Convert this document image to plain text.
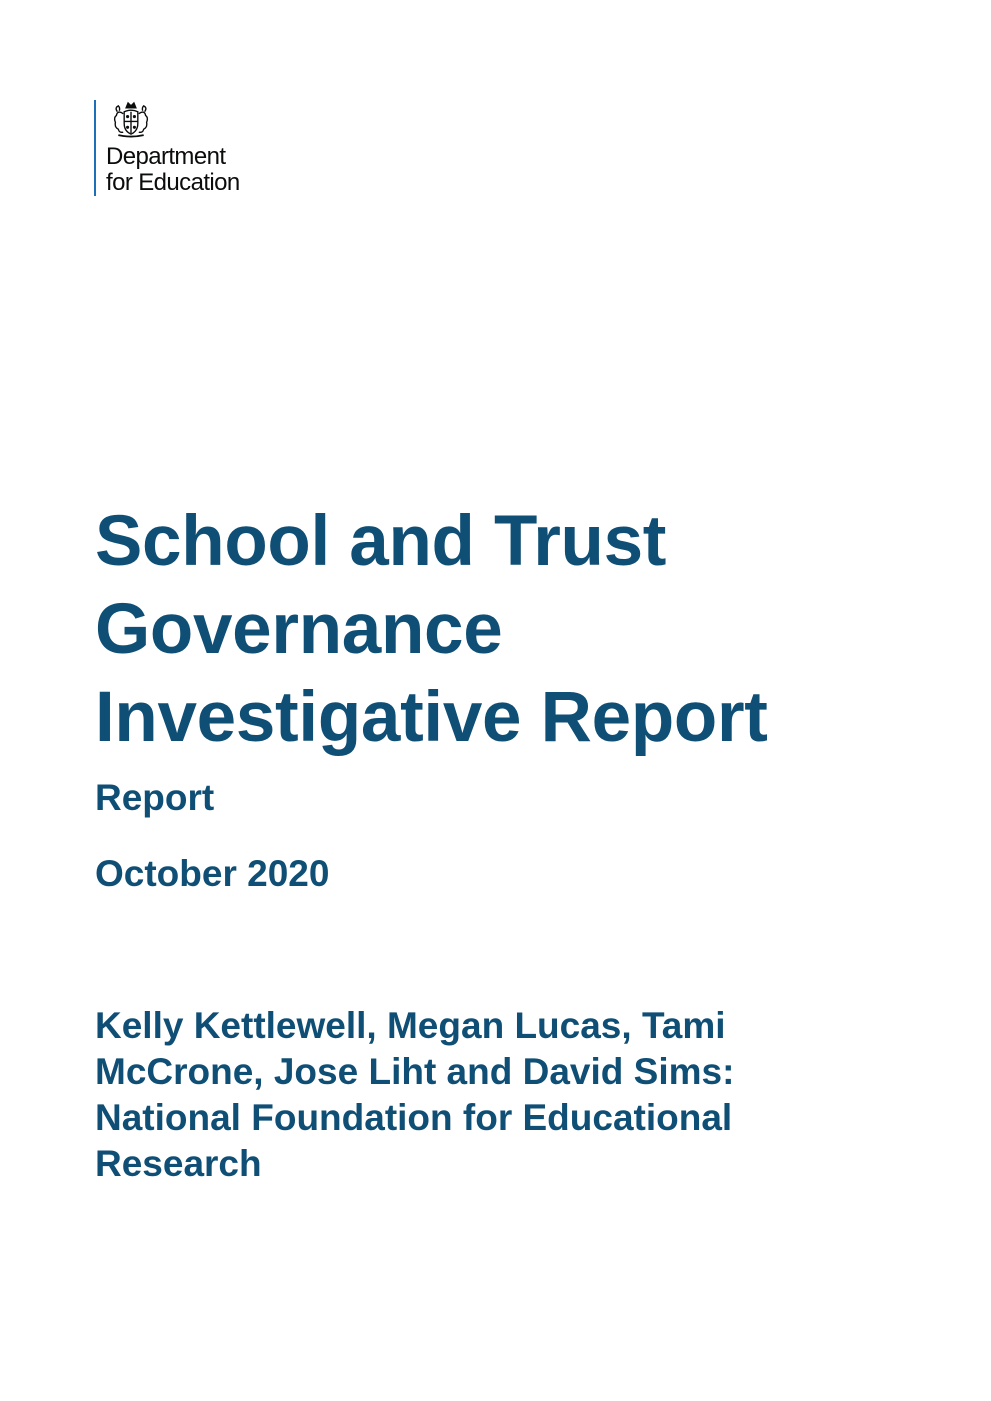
Department
for Education
School and Trust
Governance
Investigative Report

Report

October 2020

Kelly Kettlewell, Megan Lucas, Tami
McCrone, Jose Liht and David Sims:
National Foundation for Educational
Research
